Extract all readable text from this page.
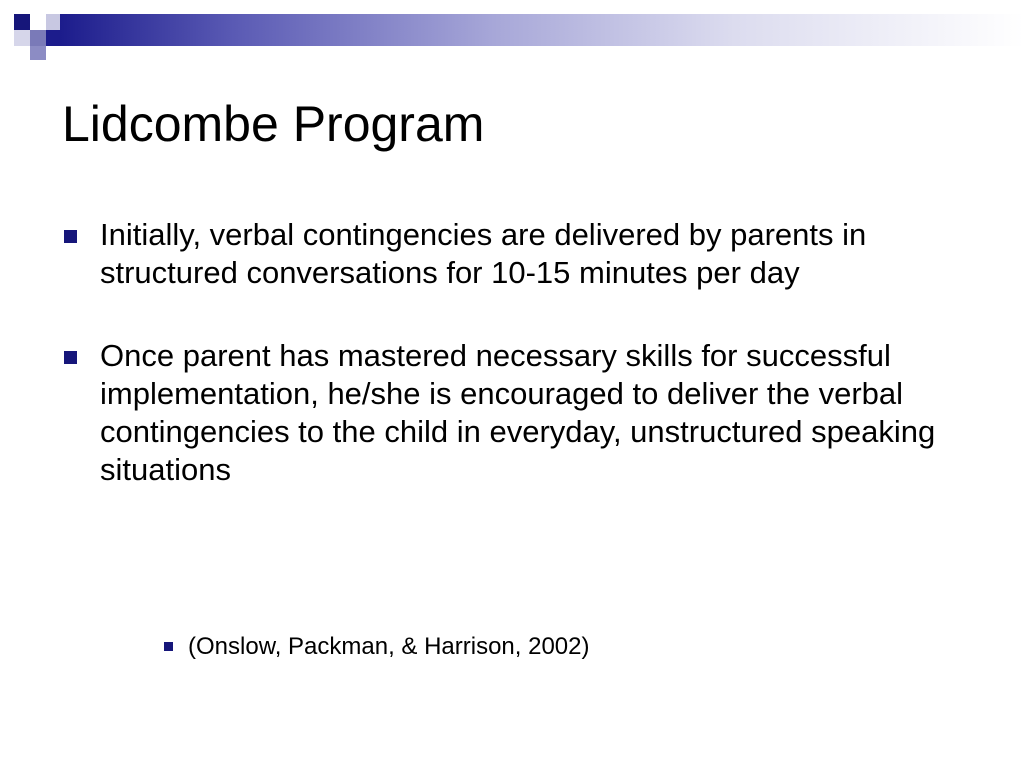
Lidcombe Program
Initially, verbal contingencies are delivered by parents in structured conversations for 10-15 minutes per day
Once parent has mastered necessary skills for successful implementation, he/she is encouraged to deliver the verbal contingencies to the child in everyday, unstructured speaking situations
(Onslow, Packman, & Harrison, 2002)
